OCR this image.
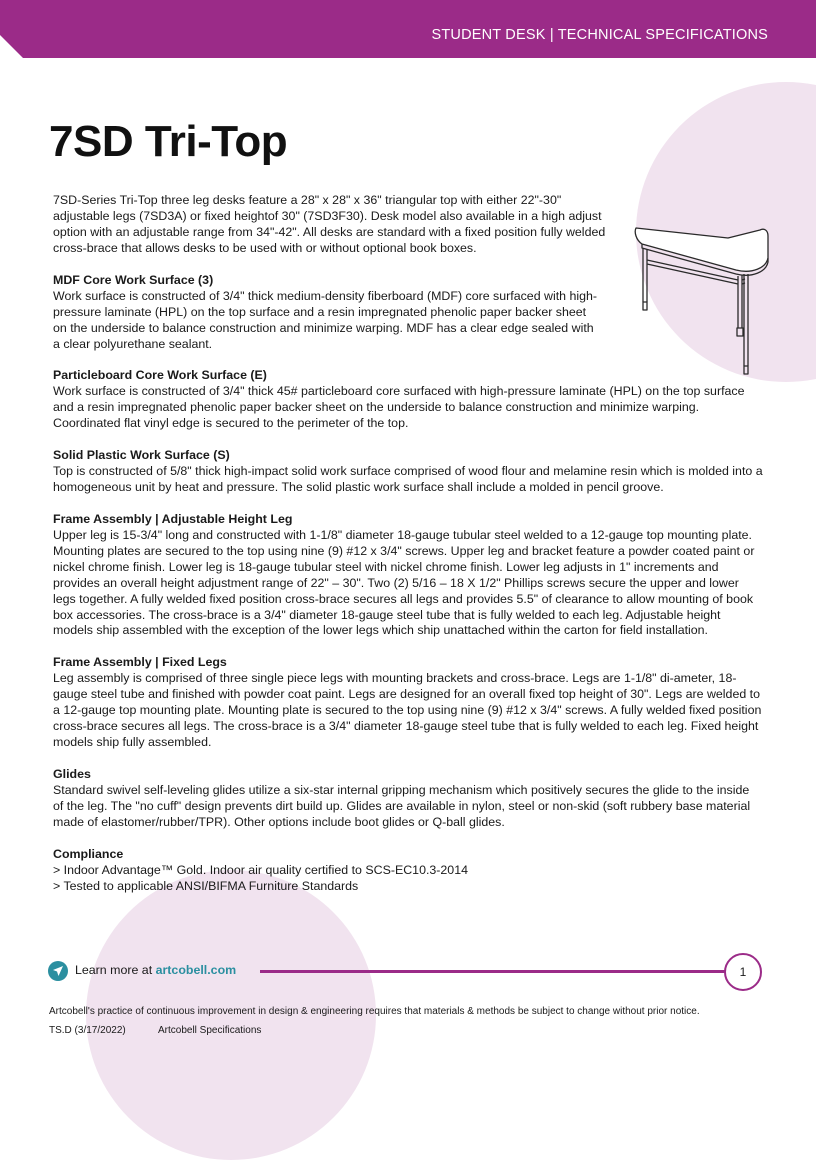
STUDENT DESK | TECHNICAL SPECIFICATIONS
7SD Tri-Top

7SD-Series Tri-Top three leg desks feature a 28" x 28" x 36" triangular top with either 22"-30" adjustable legs (7SD3A) or fixed heightof 30" (7SD3F30). Desk model also available in a high adjust option with an adjustable range from 34"-42". All desks are standard with a fixed position fully welded cross-brace that allows desks to be used with or without optional book boxes.

MDF Core Work Surface (3)

Work surface is constructed of 3/4" thick medium-density fiberboard (MDF) core surfaced with high-pressure laminate (HPL) on the top surface and a resin impregnated phenolic paper backer sheet on the underside to balance construction and minimize warping. MDF has a clear edge sealed with a clear polyurethane sealant.

Particleboard Core Work Surface (E)

Work surface is constructed of 3/4" thick 45# particleboard core surfaced with high-pressure laminate (HPL) on the top surface and a resin impregnated phenolic paper backer sheet on the underside to balance construction and minimize warping. Coordinated flat vinyl edge is secured to the perimeter of the top.

Solid Plastic Work Surface (S)

Top is constructed of 5/8" thick high-impact solid work surface comprised of wood flour and melamine resin which is molded into a homogeneous unit by heat and pressure. The solid plastic work surface shall include a molded in pencil groove.

Frame Assembly | Adjustable Height Leg

Upper leg is 15-3/4" long and constructed with 1-1/8" diameter 18-gauge tubular steel welded to a 12-gauge top mounting plate. Mounting plates are secured to the top using nine (9) #12 x 3/4" screws. Upper leg and bracket feature a powder coated paint or nickel chrome finish. Lower leg is 18-gauge tubular steel with nickel chrome finish. Lower leg adjusts in 1" increments and provides an overall height adjustment range of 22" – 30". Two (2) 5/16 – 18 X 1/2" Phillips screws secure the upper and lower legs together. A fully welded fixed position cross-brace secures all legs and provides 5.5" of clearance to allow mounting of book box accessories. The cross-brace is a 3/4" diameter 18-gauge steel tube that is fully welded to each leg. Adjustable height models ship assembled with the exception of the lower legs which ship unattached within the carton for field installation.

Frame Assembly | Fixed Legs

Leg assembly is comprised of three single piece legs with mounting brackets and cross-brace. Legs are 1-1/8" di-ameter, 18-gauge steel tube and finished with powder coat paint. Legs are designed for an overall fixed top height of 30". Legs are welded to a 12-gauge top mounting plate. Mounting plate is secured to the top using nine (9) #12 x 3/4" screws. A fully welded fixed position cross-brace secures all legs. The cross-brace is a 3/4" diameter 18-gauge steel tube that is fully welded to each leg. Fixed height models ship fully assembled.

Glides

Standard swivel self-leveling glides utilize a six-star internal gripping mechanism which positively secures the glide to the inside of the leg. The "no cuff" design prevents dirt build up. Glides are available in nylon, steel or non-skid (soft rubbery base material made of elastomer/rubber/TPR). Other options include boot glides or Q-ball glides.

Compliance

> Indoor Advantage™ Gold. Indoor air quality certified to SCS-EC10.3-2014

> Tested to applicable ANSI/BIFMA Furniture Standards

Learn more at artcobell.com	1
Artcobell's practice of continuous improvement in design & engineering requires that materials & methods be subject to change without prior notice.
TS.D (3/17/2022)	Artcobell Specifications
